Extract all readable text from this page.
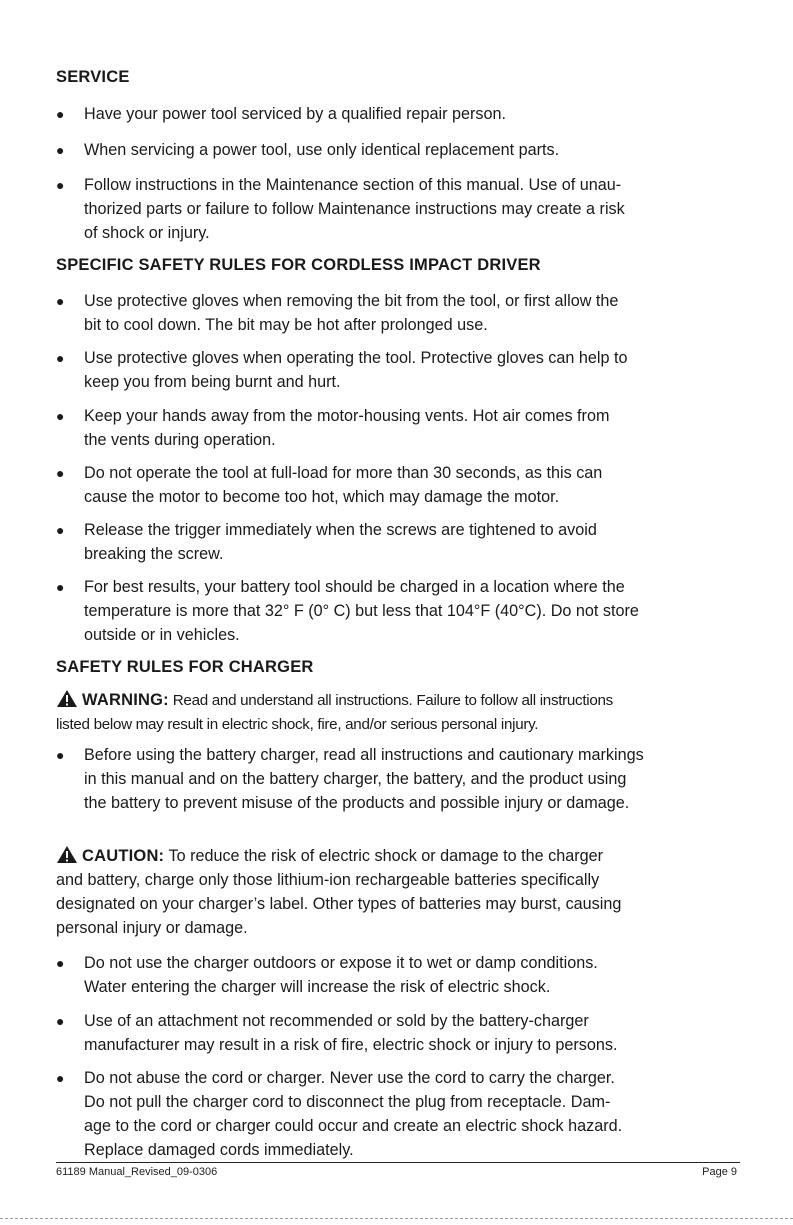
SERVICE
● Have your power tool serviced by a qualified repair person.
● When servicing a power tool, use only identical replacement parts.
● Follow instructions in the Maintenance section of this manual. Use of unau-
thorized parts or failure to follow Maintenance instructions may create a risk
of shock or injury.
SPECIFIC SAFETY RULES FOR CORDLESS IMPACT DRIVER
● Use protective gloves when removing the bit from the tool, or first allow the
bit to cool down. The bit may be hot after prolonged use.
● Use protective gloves when operating the tool. Protective gloves can help to
keep you from being burnt and hurt.
● Keep your hands away from the motor-housing vents. Hot air comes from
the vents during operation.
● Do not operate the tool at full-load for more than 30 seconds, as this can
cause the motor to become too hot, which may damage the motor.
● Release the trigger immediately when the screws are tightened to avoid
breaking the screw.
● For best results, your battery tool should be charged in a location where the
temperature is more that 32° F (0° C) but less that 104°F (40°C). Do not store
outside or in vehicles.
SAFETY RULES FOR CHARGER
WARNING: Read and understand all instructions. Failure to follow all instructions
listed below may result in electric shock, fire, and/or serious personal injury.
● Before using the battery charger, read all instructions and cautionary markings
in this manual and on the battery charger, the battery, and the product using
the battery to prevent misuse of the products and possible injury or damage.
CAUTION: To reduce the risk of electric shock or damage to the charger
and battery, charge only those lithium-ion rechargeable batteries specifically
designated on your charger’s label. Other types of batteries may burst, causing
personal injury or damage.
● Do not use the charger outdoors or expose it to wet or damp conditions.
Water entering the charger will increase the risk of electric shock.
● Use of an attachment not recommended or sold by the battery-charger
manufacturer may result in a risk of fire, electric shock or injury to persons.
● Do not abuse the cord or charger. Never use the cord to carry the charger.
Do not pull the charger cord to disconnect the plug from receptacle. Dam-
age to the cord or charger could occur and create an electric shock hazard.
Replace damaged cords immediately.
61189 Manual_Revised_09-0306	Page 9
